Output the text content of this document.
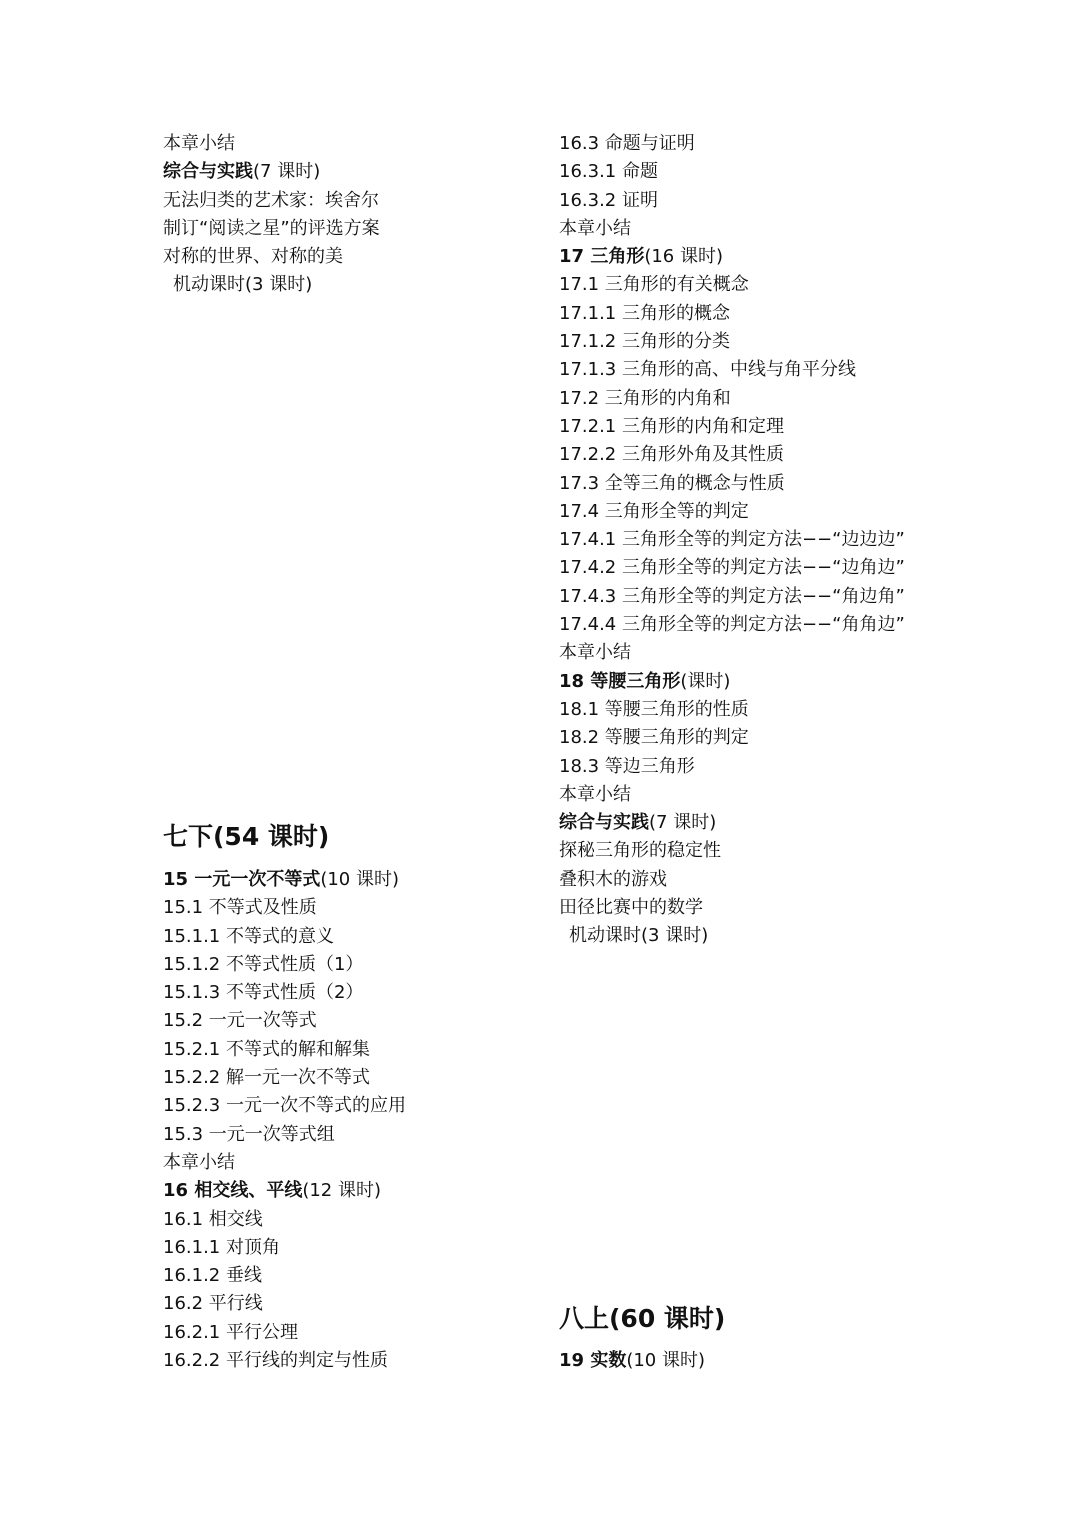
本章小结
综合与实践(7 课时)
无法归类的艺术家：埃舍尔
制订“阅读之星”的评选方案
对称的世界、对称的美
机动课时(3 课时)
七下(54 课时)
15 一元一次不等式(10 课时)
15.1 不等式及性质
15.1.1 不等式的意义
15.1.2 不等式性质（1）
15.1.3 不等式性质（2）
15.2 一元一次等式
15.2.1 不等式的解和解集
15.2.2 解一元一次不等式
15.2.3 一元一次不等式的应用
15.3 一元一次等式组
本章小结
16 相交线、平线(12 课时)
16.1 相交线
16.1.1 对顶角
16.1.2 垂线
16.2 平行线
16.2.1 平行公理
16.2.2 平行线的判定与性质
16.3 命题与证明
16.3.1 命题
16.3.2 证明
本章小结
17 三角形(16 课时)
17.1 三角形的有关概念
17.1.1 三角形的概念
17.1.2 三角形的分类
17.1.3 三角形的高、中线与角平分线
17.2 三角形的内角和
17.2.1 三角形的内角和定理
17.2.2 三角形外角及其性质
17.3 全等三角的概念与性质
17.4 三角形全等的判定
17.4.1 三角形全等的判定方法−−“边边边”
17.4.2 三角形全等的判定方法−−“边角边”
17.4.3 三角形全等的判定方法−−“角边角”
17.4.4 三角形全等的判定方法−−“角角边”
本章小结
18 等腰三角形(课时)
18.1 等腰三角形的性质
18.2 等腰三角形的判定
18.3 等边三角形
本章小结
综合与实践(7 课时)
探秘三角形的稳定性
叠积木的游戏
田径比赛中的数学
机动课时(3 课时)
八上(60 课时)
19 实数(10 课时)
